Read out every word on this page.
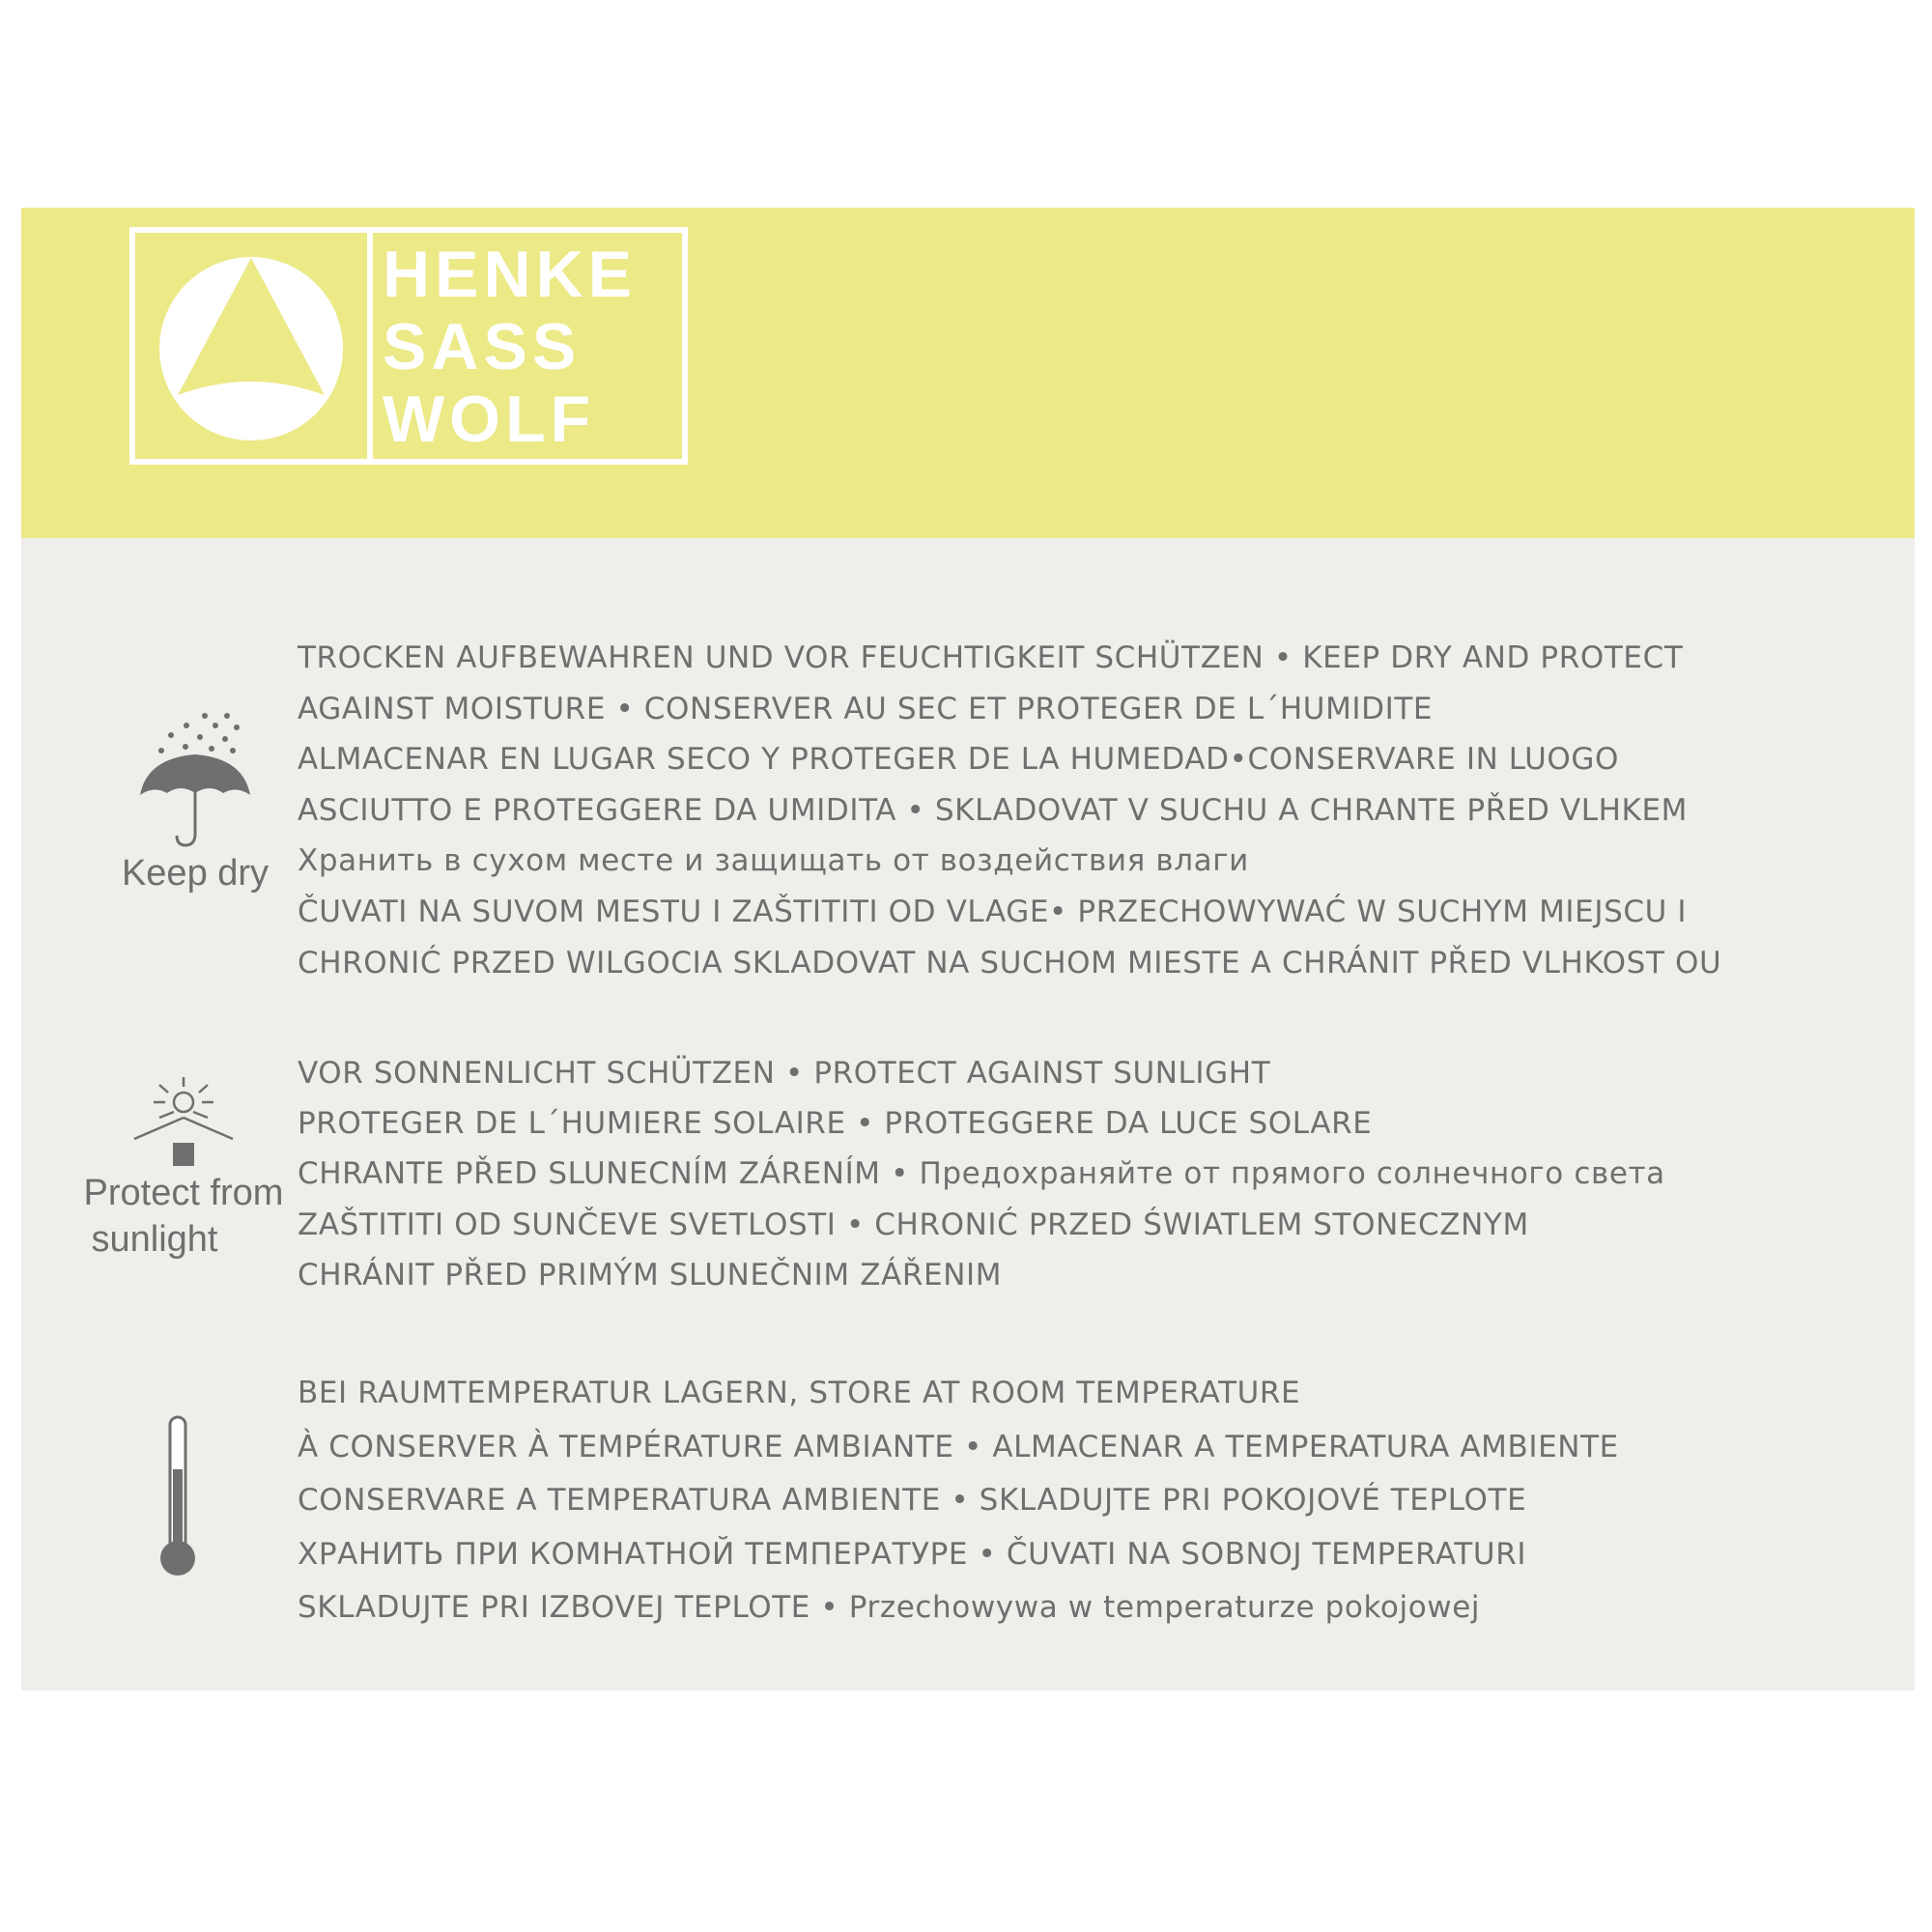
HENKE
SASS
WOLF
Keep dry
TROCKEN AUFBEWAHREN UND VOR FEUCHTIGKEIT SCHÜTZEN • KEEP DRY AND PROTECT
AGAINST MOISTURE • CONSERVER AU SEC ET PROTEGER DE L´HUMIDITE
ALMACENAR EN LUGAR SECO Y PROTEGER DE LA HUMEDAD•CONSERVARE IN LUOGO
ASCIUTTO E PROTEGGERE DA UMIDITA • SKLADOVAT V SUCHU A CHRANTE PŘED VLHKEM
Хранить в сухом месте и защищать от воздействия влаги
ČUVATI NA SUVOM MESTU I ZAŠTITITI OD VLAGE• PRZECHOWYWAĆ W SUCHYM MIEJSCU I
CHRONIĆ PRZED WILGOCIA SKLADOVAT NA SUCHOM MIESTE A CHRÁNIT PŘED VLHKOST OU
Protect from
sunlight
VOR SONNENLICHT SCHÜTZEN • PROTECT AGAINST SUNLIGHT
PROTEGER DE L´HUMIERE SOLAIRE • PROTEGGERE DA LUCE SOLARE
CHRANTE PŘED SLUNECNÍM ZÁRENÍM • Предохраняйте от прямого солнечного света
ZAŠTITITI OD SUNČEVE SVETLOSTI • CHRONIĆ PRZED ŚWIATLEM STONECZNYM
CHRÁNIT PŘED PRIMÝM SLUNEČNIM ZÁŘENIM
BEI RAUMTEMPERATUR LAGERN, STORE AT ROOM TEMPERATURE
À CONSERVER À TEMPÉRATURE AMBIANTE • ALMACENAR A TEMPERATURA AMBIENTE
CONSERVARE A TEMPERATURA AMBIENTE • SKLADUJTE PRI POKOJOVÉ TEPLOTE
ХРАНИТЬ ПРИ КОМНАТНОЙ ТЕМПЕРАТУРЕ • ČUVATI NA SOBNOJ TEMPERATURI
SKLADUJTE PRI IZBOVEJ TEPLOTE • Przechowywa w temperaturze pokojowej
